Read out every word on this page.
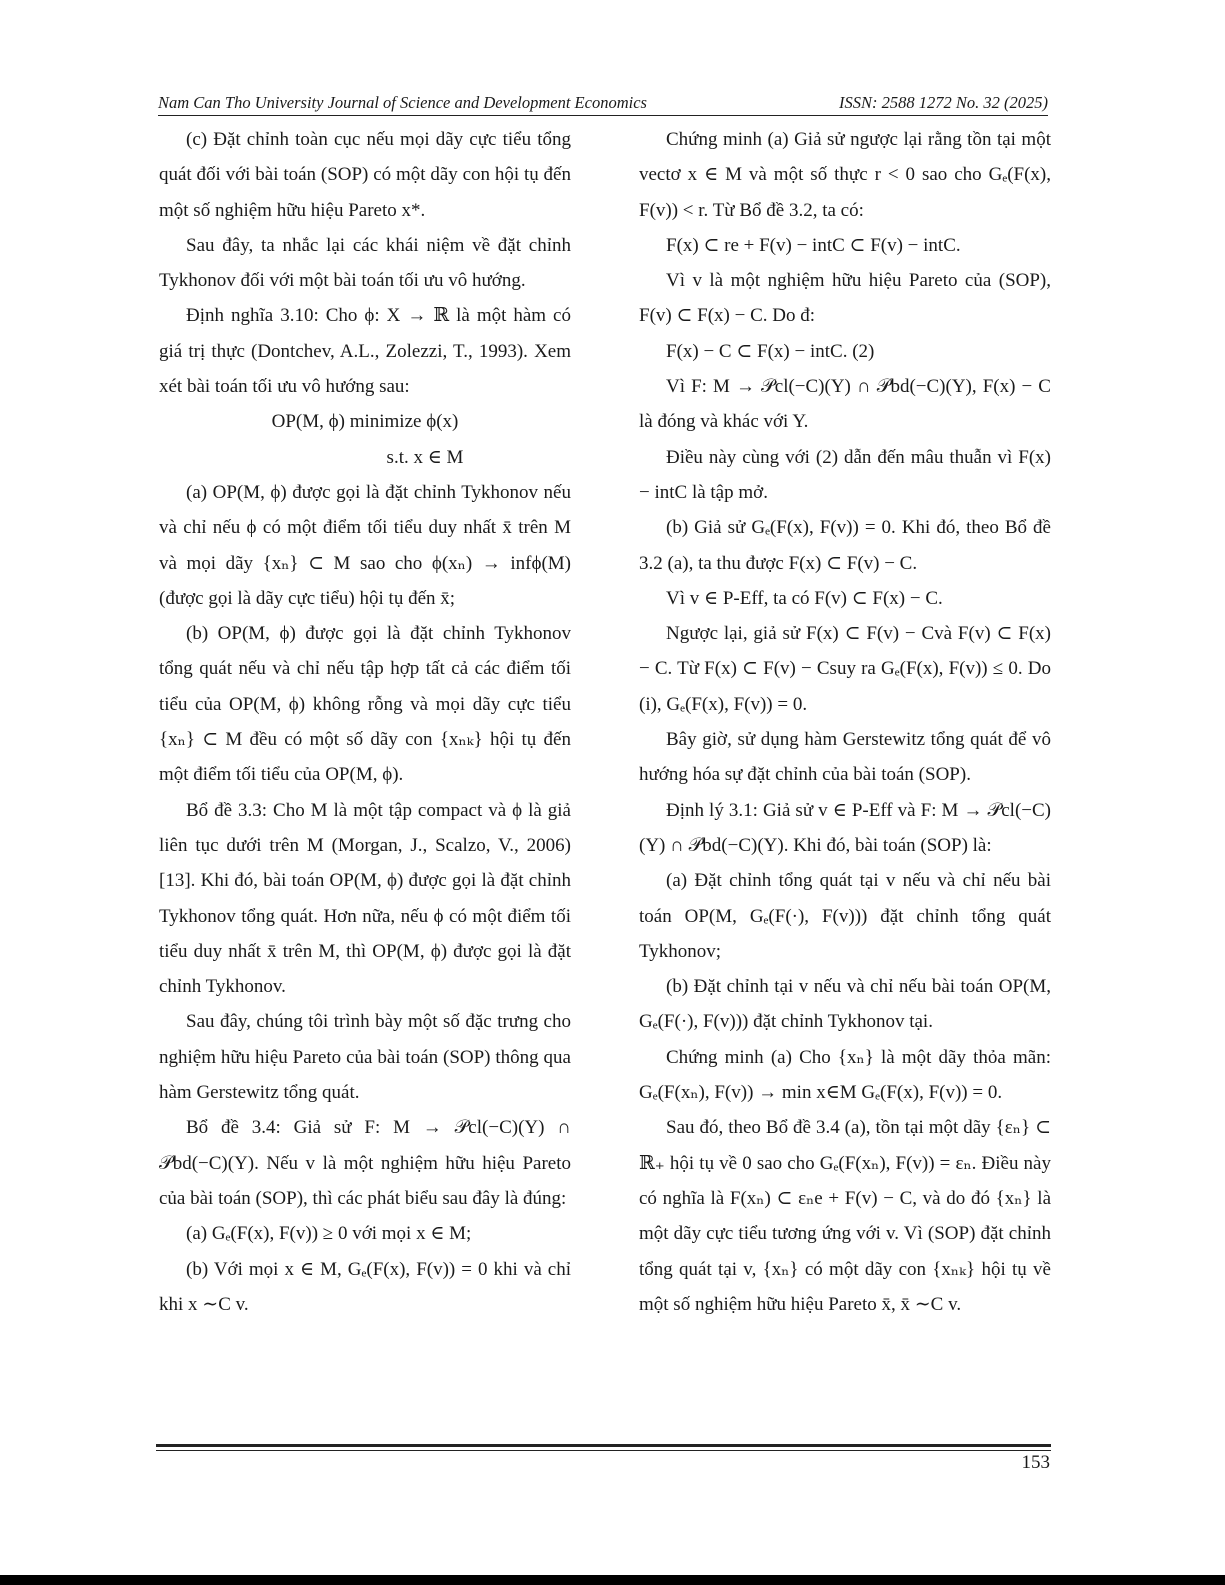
Nam Can Tho University Journal of Science and Development Economics	ISSN: 2588 1272 No. 32 (2025)

(c) Đặt chỉnh toàn cục nếu mọi dãy cực tiểu tổng quát đối với bài toán (SOP) có một dãy con hội tụ đến một số nghiệm hữu hiệu Pareto x*.

Sau đây, ta nhắc lại các khái niệm về đặt chỉnh Tykhonov đối với một bài toán tối ưu vô hướng.

Định nghĩa 3.10: Cho ϕ: X → ℝ là một hàm có giá trị thực (Dontchev, A.L., Zolezzi, T., 1993). Xem xét bài toán tối ưu vô hướng sau:

OP(M, ϕ) minimize ϕ(x)

s.t. x ∈ M

(a) OP(M, ϕ) được gọi là đặt chỉnh Tykhonov nếu và chỉ nếu ϕ có một điểm tối tiểu duy nhất x̄ trên M và mọi dãy {xₙ} ⊂ M sao cho ϕ(xₙ) → infϕ(M) (được gọi là dãy cực tiểu) hội tụ đến x̄;

(b) OP(M, ϕ) được gọi là đặt chỉnh Tykhonov tổng quát nếu và chỉ nếu tập hợp tất cả các điểm tối tiểu của OP(M, ϕ) không rỗng và mọi dãy cực tiểu {xₙ} ⊂ M đều có một số dãy con {xₙₖ} hội tụ đến một điểm tối tiểu của OP(M, ϕ).

Bổ đề 3.3: Cho M là một tập compact và ϕ là giả liên tục dưới trên M (Morgan, J., Scalzo, V., 2006) [13]. Khi đó, bài toán OP(M, ϕ) được gọi là đặt chỉnh Tykhonov tổng quát. Hơn nữa, nếu ϕ có một điểm tối tiểu duy nhất x̄ trên M, thì OP(M, ϕ) được gọi là đặt chỉnh Tykhonov.

Sau đây, chúng tôi trình bày một số đặc trưng cho nghiệm hữu hiệu Pareto của bài toán (SOP) thông qua hàm Gerstewitz tổng quát.

Bổ đề 3.4: Giả sử F: M → 𝒫cl(−C)(Y) ∩ 𝒫bd(−C)(Y). Nếu v là một nghiệm hữu hiệu Pareto của bài toán (SOP), thì các phát biểu sau đây là đúng:

(a) Gₑ(F(x), F(v)) ≥ 0 với mọi x ∈ M;

(b) Với mọi x ∈ M, Gₑ(F(x), F(v)) = 0 khi và chỉ khi x ∼C v.

Chứng minh (a) Giả sử ngược lại rằng tồn tại một vectơ x ∈ M và một số thực r < 0 sao cho Gₑ(F(x), F(v)) < r. Từ Bổ đề 3.2, ta có:

F(x) ⊂ re + F(v) − intC ⊂ F(v) − intC.

Vì v là một nghiệm hữu hiệu Pareto của (SOP), F(v) ⊂ F(x) − C. Do đ:

F(x) − C ⊂ F(x) − intC. (2)

Vì F: M → 𝒫cl(−C)(Y) ∩ 𝒫bd(−C)(Y), F(x) − C là đóng và khác với Y.

Điều này cùng với (2) dẫn đến mâu thuẫn vì F(x) − intC là tập mở.

(b) Giả sử Gₑ(F(x), F(v)) = 0. Khi đó, theo Bổ đề 3.2 (a), ta thu được F(x) ⊂ F(v) − C.

Vì v ∈ P-Eff, ta có F(v) ⊂ F(x) − C.

Ngược lại, giả sử F(x) ⊂ F(v) − Cvà F(v) ⊂ F(x) − C. Từ F(x) ⊂ F(v) − Csuy ra Gₑ(F(x), F(v)) ≤ 0. Do (i), Gₑ(F(x), F(v)) = 0.

Bây giờ, sử dụng hàm Gerstewitz tổng quát để vô hướng hóa sự đặt chỉnh của bài toán (SOP).

Định lý 3.1: Giả sử v ∈ P-Eff và F: M → 𝒫cl(−C)(Y) ∩ 𝒫bd(−C)(Y). Khi đó, bài toán (SOP) là:

(a) Đặt chỉnh tổng quát tại v nếu và chỉ nếu bài toán OP(M, Gₑ(F(·), F(v))) đặt chỉnh tổng quát Tykhonov;

(b) Đặt chỉnh tại v nếu và chỉ nếu bài toán OP(M, Gₑ(F(·), F(v))) đặt chỉnh Tykhonov tại.

Chứng minh (a) Cho {xₙ} là một dãy thỏa mãn: Gₑ(F(xₙ), F(v)) → min x∈M Gₑ(F(x), F(v)) = 0.

Sau đó, theo Bổ đề 3.4 (a), tồn tại một dãy {εₙ} ⊂ ℝ₊ hội tụ về 0 sao cho Gₑ(F(xₙ), F(v)) = εₙ. Điều này có nghĩa là F(xₙ) ⊂ εₙe + F(v) − C, và do đó {xₙ} là một dãy cực tiểu tương ứng với v. Vì (SOP) đặt chỉnh tổng quát tại v, {xₙ} có một dãy con {xₙₖ} hội tụ về một số nghiệm hữu hiệu Pareto x̄, x̄ ∼C v.

153
